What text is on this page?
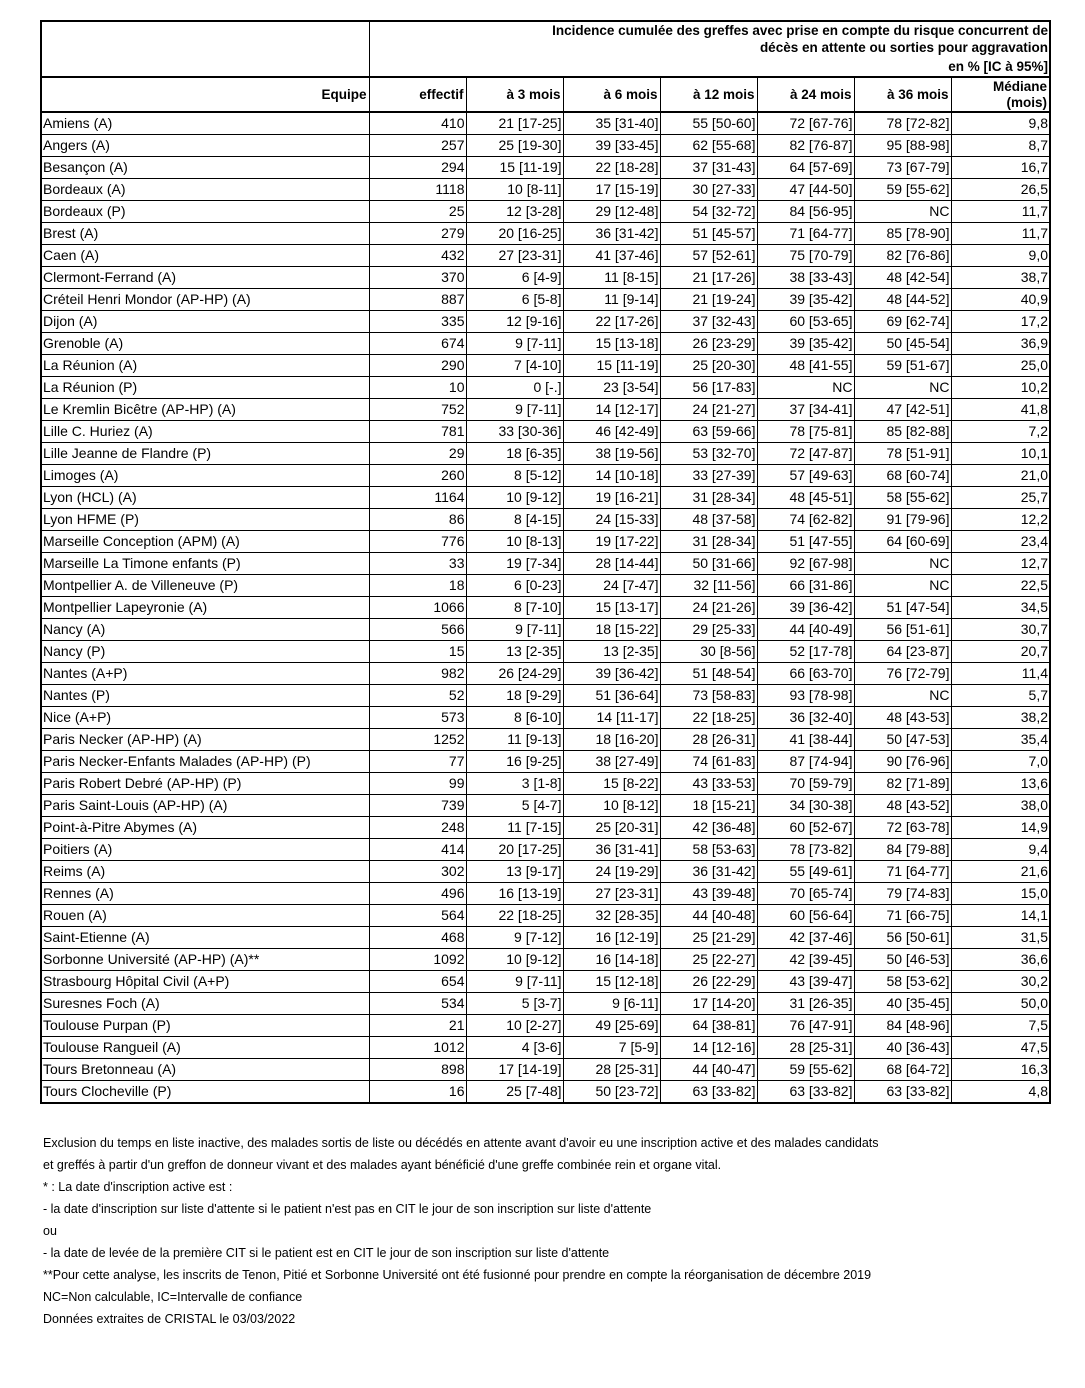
	Incidence cumulée des greffes avec prise en compte du risque concurrent de
décès en attente ou sorties pour aggravation						

	en % [IC à 95%]						
Equipe	effectif	à 3 mois	à 6 mois	à 12 mois	à 24 mois	à 36 mois	Médiane
(mois)

Amiens (A)	410	21 [17-25]	35 [31-40]	55 [50-60]	72 [67-76]	78 [72-82]	9,8
Angers (A)	257	25 [19-30]	39 [33-45]	62 [55-68]	82 [76-87]	95 [88-98]	8,7
Besançon (A)	294	15 [11-19]	22 [18-28]	37 [31-43]	64 [57-69]	73 [67-79]	16,7
Bordeaux (A)	1118	10 [8-11]	17 [15-19]	30 [27-33]	47 [44-50]	59 [55-62]	26,5
Bordeaux (P)	25	12 [3-28]	29 [12-48]	54 [32-72]	84 [56-95]	NC	11,7
Brest (A)	279	20 [16-25]	36 [31-42]	51 [45-57]	71 [64-77]	85 [78-90]	11,7
Caen (A)	432	27 [23-31]	41 [37-46]	57 [52-61]	75 [70-79]	82 [76-86]	9,0
Clermont-Ferrand (A)	370	6 [4-9]	11 [8-15]	21 [17-26]	38 [33-43]	48 [42-54]	38,7
Créteil Henri Mondor (AP-HP) (A)	887	6 [5-8]	11 [9-14]	21 [19-24]	39 [35-42]	48 [44-52]	40,9
Dijon (A)	335	12 [9-16]	22 [17-26]	37 [32-43]	60 [53-65]	69 [62-74]	17,2
Grenoble (A)	674	9 [7-11]	15 [13-18]	26 [23-29]	39 [35-42]	50 [45-54]	36,9
La Réunion (A)	290	7 [4-10]	15 [11-19]	25 [20-30]	48 [41-55]	59 [51-67]	25,0
La Réunion (P)	10	0 [-.]	23 [3-54]	56 [17-83]	NC	NC	10,2
Le Kremlin Bicêtre (AP-HP) (A)	752	9 [7-11]	14 [12-17]	24 [21-27]	37 [34-41]	47 [42-51]	41,8
Lille C. Huriez (A)	781	33 [30-36]	46 [42-49]	63 [59-66]	78 [75-81]	85 [82-88]	7,2
Lille Jeanne de Flandre (P)	29	18 [6-35]	38 [19-56]	53 [32-70]	72 [47-87]	78 [51-91]	10,1
Limoges (A)	260	8 [5-12]	14 [10-18]	33 [27-39]	57 [49-63]	68 [60-74]	21,0
Lyon (HCL) (A)	1164	10 [9-12]	19 [16-21]	31 [28-34]	48 [45-51]	58 [55-62]	25,7
Lyon HFME (P)	86	8 [4-15]	24 [15-33]	48 [37-58]	74 [62-82]	91 [79-96]	12,2
Marseille Conception (APM) (A)	776	10 [8-13]	19 [17-22]	31 [28-34]	51 [47-55]	64 [60-69]	23,4
Marseille La Timone enfants (P)	33	19 [7-34]	28 [14-44]	50 [31-66]	92 [67-98]	NC	12,7
Montpellier A. de Villeneuve (P)	18	6 [0-23]	24 [7-47]	32 [11-56]	66 [31-86]	NC	22,5
Montpellier Lapeyronie (A)	1066	8 [7-10]	15 [13-17]	24 [21-26]	39 [36-42]	51 [47-54]	34,5
Nancy (A)	566	9 [7-11]	18 [15-22]	29 [25-33]	44 [40-49]	56 [51-61]	30,7
Nancy (P)	15	13 [2-35]	13 [2-35]	30 [8-56]	52 [17-78]	64 [23-87]	20,7
Nantes (A+P)	982	26 [24-29]	39 [36-42]	51 [48-54]	66 [63-70]	76 [72-79]	11,4
Nantes (P)	52	18 [9-29]	51 [36-64]	73 [58-83]	93 [78-98]	NC	5,7
Nice (A+P)	573	8 [6-10]	14 [11-17]	22 [18-25]	36 [32-40]	48 [43-53]	38,2
Paris Necker (AP-HP) (A)	1252	11 [9-13]	18 [16-20]	28 [26-31]	41 [38-44]	50 [47-53]	35,4
Paris Necker-Enfants Malades (AP-HP) (P)	77	16 [9-25]	38 [27-49]	74 [61-83]	87 [74-94]	90 [76-96]	7,0
Paris Robert Debré (AP-HP) (P)	99	3 [1-8]	15 [8-22]	43 [33-53]	70 [59-79]	82 [71-89]	13,6
Paris Saint-Louis (AP-HP) (A)	739	5 [4-7]	10 [8-12]	18 [15-21]	34 [30-38]	48 [43-52]	38,0
Point-à-Pitre Abymes (A)	248	11 [7-15]	25 [20-31]	42 [36-48]	60 [52-67]	72 [63-78]	14,9
Poitiers (A)	414	20 [17-25]	36 [31-41]	58 [53-63]	78 [73-82]	84 [79-88]	9,4
Reims (A)	302	13 [9-17]	24 [19-29]	36 [31-42]	55 [49-61]	71 [64-77]	21,6
Rennes (A)	496	16 [13-19]	27 [23-31]	43 [39-48]	70 [65-74]	79 [74-83]	15,0
Rouen (A)	564	22 [18-25]	32 [28-35]	44 [40-48]	60 [56-64]	71 [66-75]	14,1
Saint-Etienne (A)	468	9 [7-12]	16 [12-19]	25 [21-29]	42 [37-46]	56 [50-61]	31,5
Sorbonne Université (AP-HP) (A)**	1092	10 [9-12]	16 [14-18]	25 [22-27]	42 [39-45]	50 [46-53]	36,6
Strasbourg Hôpital Civil (A+P)	654	9 [7-11]	15 [12-18]	26 [22-29]	43 [39-47]	58 [53-62]	30,2
Suresnes Foch (A)	534	5 [3-7]	9 [6-11]	17 [14-20]	31 [26-35]	40 [35-45]	50,0
Toulouse Purpan (P)	21	10 [2-27]	49 [25-69]	64 [38-81]	76 [47-91]	84 [48-96]	7,5
Toulouse Rangueil (A)	1012	4 [3-6]	7 [5-9]	14 [12-16]	28 [25-31]	40 [36-43]	47,5
Tours Bretonneau (A)	898	17 [14-19]	28 [25-31]	44 [40-47]	59 [55-62]	68 [64-72]	16,3
Tours Clocheville (P)	16	25 [7-48]	50 [23-72]	63 [33-82]	63 [33-82]	63 [33-82]	4,8
Exclusion du temps en liste inactive, des malades sortis de liste ou décédés en attente avant d'avoir eu une inscription active et des malades candidats
et greffés à partir d'un greffon de donneur vivant et des malades ayant bénéficié d'une greffe combinée rein et organe vital.
* : La date d'inscription active est :
- la date d'inscription sur liste d'attente si le patient n'est pas en CIT le jour de son inscription sur liste d'attente
ou
- la date de levée de la première CIT si le patient est en CIT le jour de son inscription sur liste d'attente
**Pour cette analyse, les inscrits de Tenon, Pitié et Sorbonne Université ont été fusionné pour prendre en compte la réorganisation de décembre 2019
NC=Non calculable, IC=Intervalle de confiance
Données extraites de CRISTAL le 03/03/2022
